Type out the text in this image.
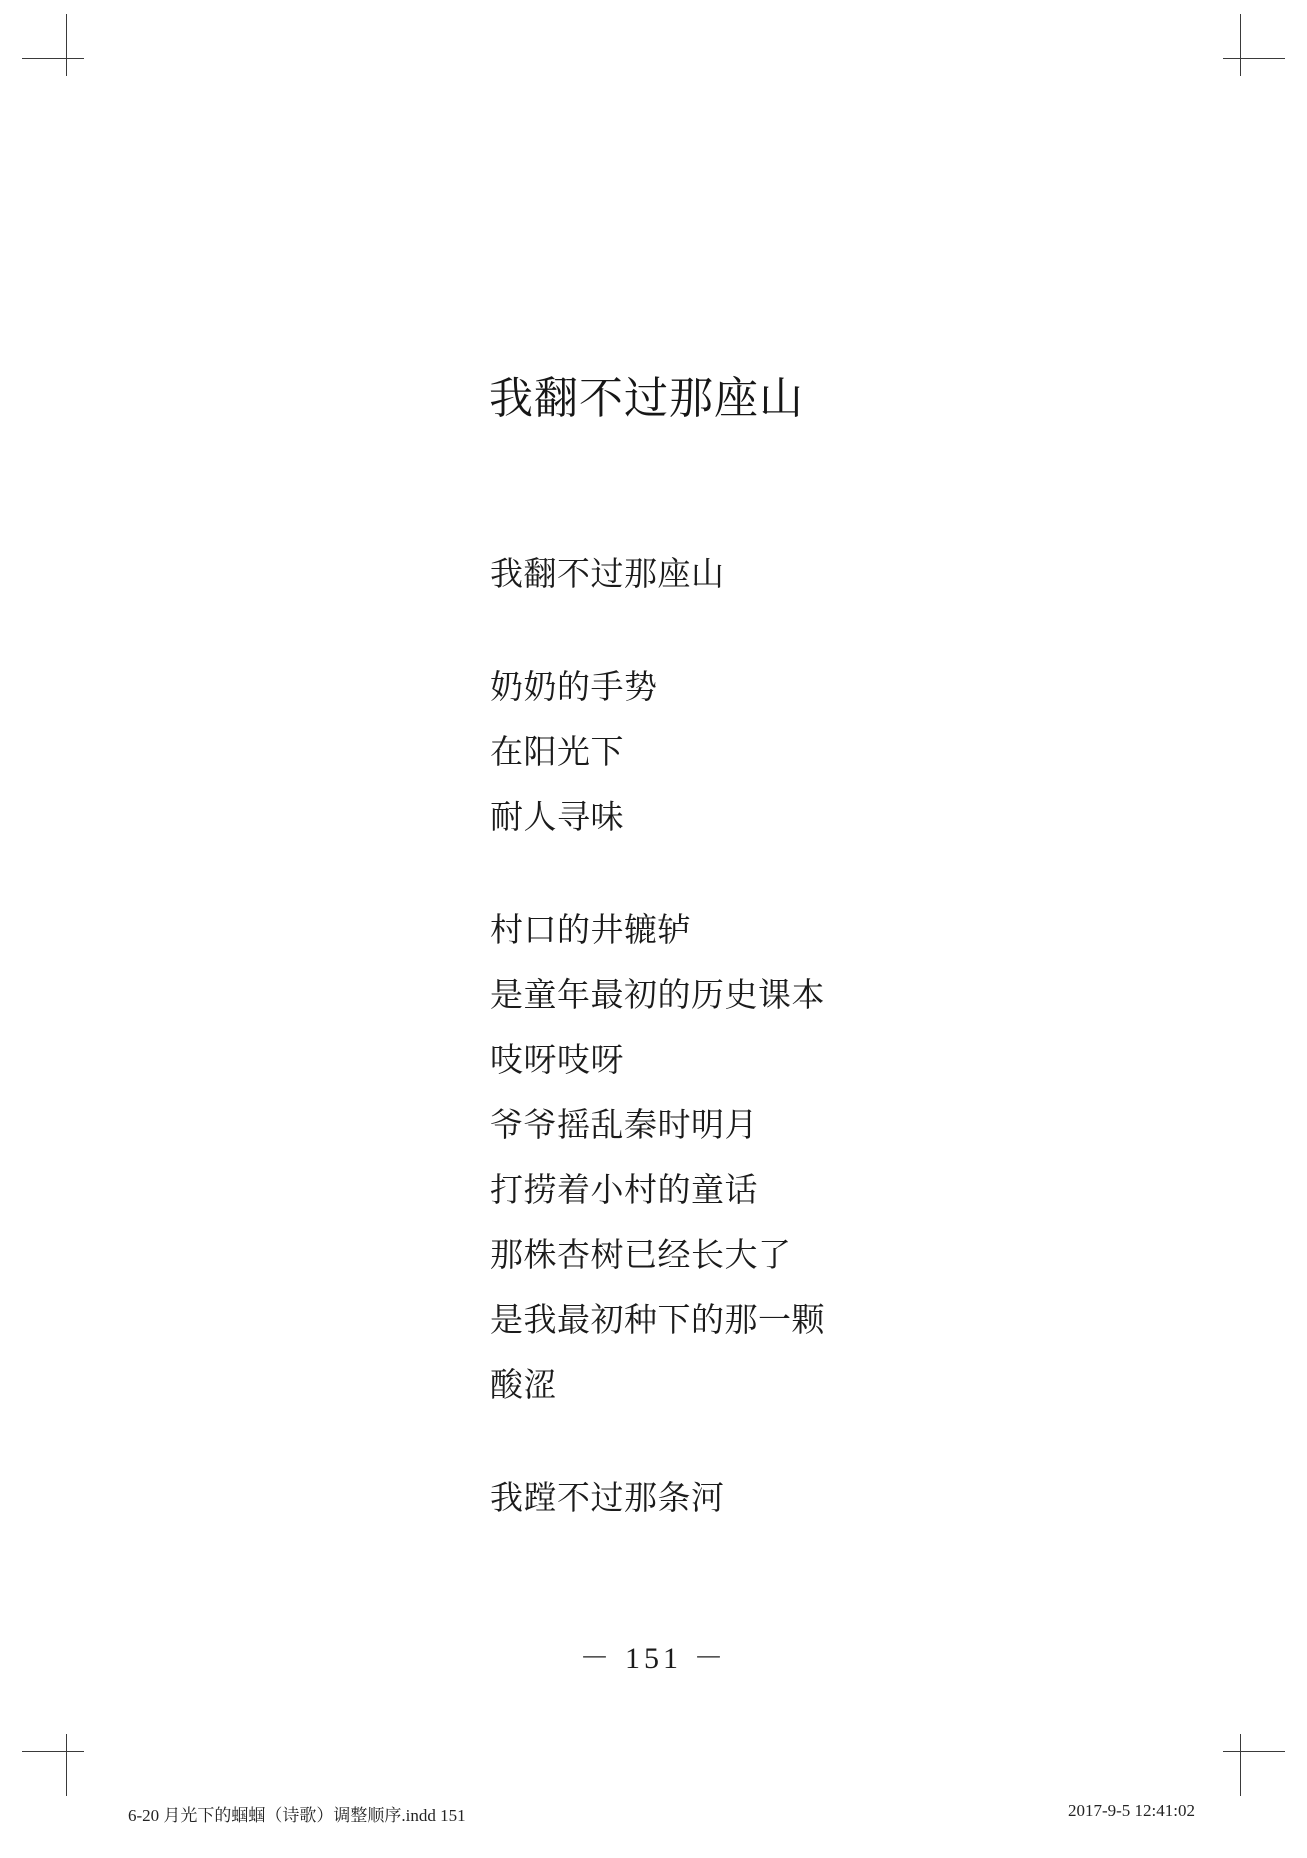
我翻不过那座山
我翻不过那座山
奶奶的手势
在阳光下
耐人寻味
村口的井辘轳
是童年最初的历史课本
吱呀吱呀
爷爷摇乱秦时明月
打捞着小村的童话
那株杏树已经长大了
是我最初种下的那一颗
酸涩
我蹚不过那条河
－ 151 －
6-20 月光下的蝈蝈（诗歌）调整顺序.indd 151	2017-9-5 12:41:02
